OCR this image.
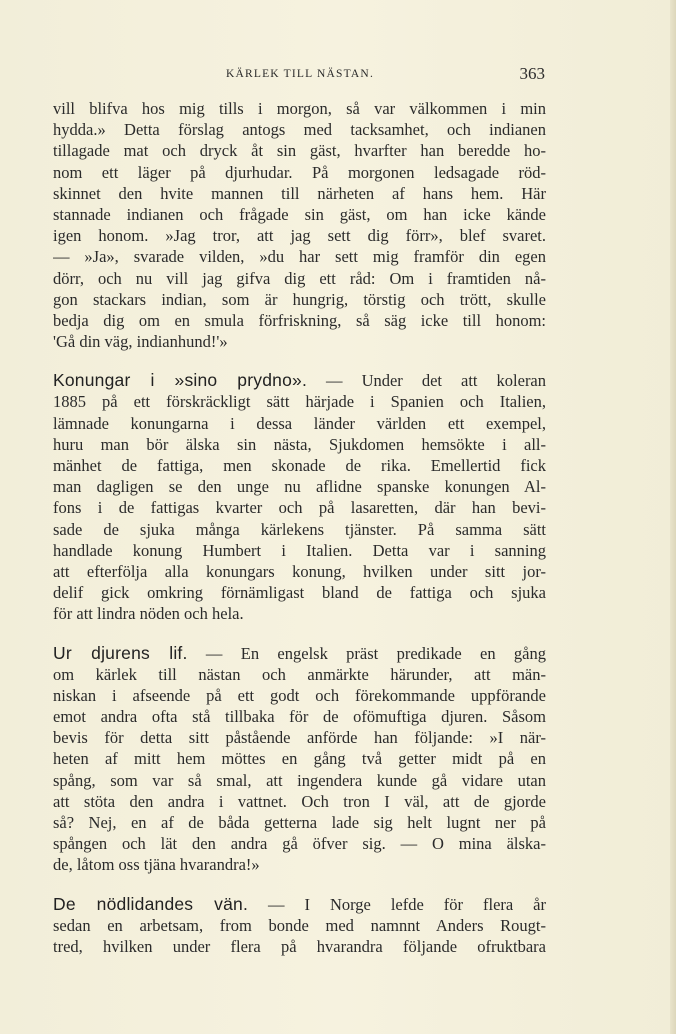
KÄRLEK TILL NÄSTAN.	363
vill blifva hos mig tills i morgon, så var välkommen i min
hydda.» Detta förslag antogs med tacksamhet, och indianen
tillagade mat och dryck åt sin gäst, hvarfter han beredde ho-
nom ett läger på djurhudar. På morgonen ledsagade röd-
skinnet den hvite mannen till närheten af hans hem. Här
stannade indianen och frågade sin gäst, om han icke kände
igen honom. »Jag tror, att jag sett dig förr», blef svaret.
— »Ja», svarade vilden, »du har sett mig framför din egen
dörr, och nu vill jag gifva dig ett råd: Om i framtiden nå-
gon stackars indian, som är hungrig, törstig och trött, skulle
bedja dig om en smula förfriskning, så säg icke till honom:
'Gå din väg, indianhund!'»
Konungar i »sino prydno». — Under det att koleran
1885 på ett förskräckligt sätt härjade i Spanien och Italien,
lämnade konungarna i dessa länder världen ett exempel,
huru man bör älska sin nästa, Sjukdomen hemsökte i all-
mänhet de fattiga, men skonade de rika. Emellertid fick
man dagligen se den unge nu aflidne spanske konungen Al-
fons i de fattigas kvarter och på lasaretten, där han bevi-
sade de sjuka många kärlekens tjänster. På samma sätt
handlade konung Humbert i Italien. Detta var i sanning
att efterfölja alla konungars konung, hvilken under sitt jor-
delif gick omkring förnämligast bland de fattiga och sjuka
för att lindra nöden och hela.
Ur djurens lif. — En engelsk präst predikade en gång
om kärlek till nästan och anmärkte härunder, att män-
niskan i afseende på ett godt och förekommande uppförande
emot andra ofta stå tillbaka för de ofömuftiga djuren. Såsom
bevis för detta sitt påstående anförde han följande: »I när-
heten af mitt hem möttes en gång två getter midt på en
spång, som var så smal, att ingendera kunde gå vidare utan
att stöta den andra i vattnet. Och tron I väl, att de gjorde
så? Nej, en af de båda getterna lade sig helt lugnt ner på
spången och lät den andra gå öfver sig. — O mina älska-
de, låtom oss tjäna hvarandra!»
De nödlidandes vän. — I Norge lefde för flera år
sedan en arbetsam, from bonde med namnnt Anders Rougt-
tred, hvilken under flera på hvarandra följande ofruktbara
